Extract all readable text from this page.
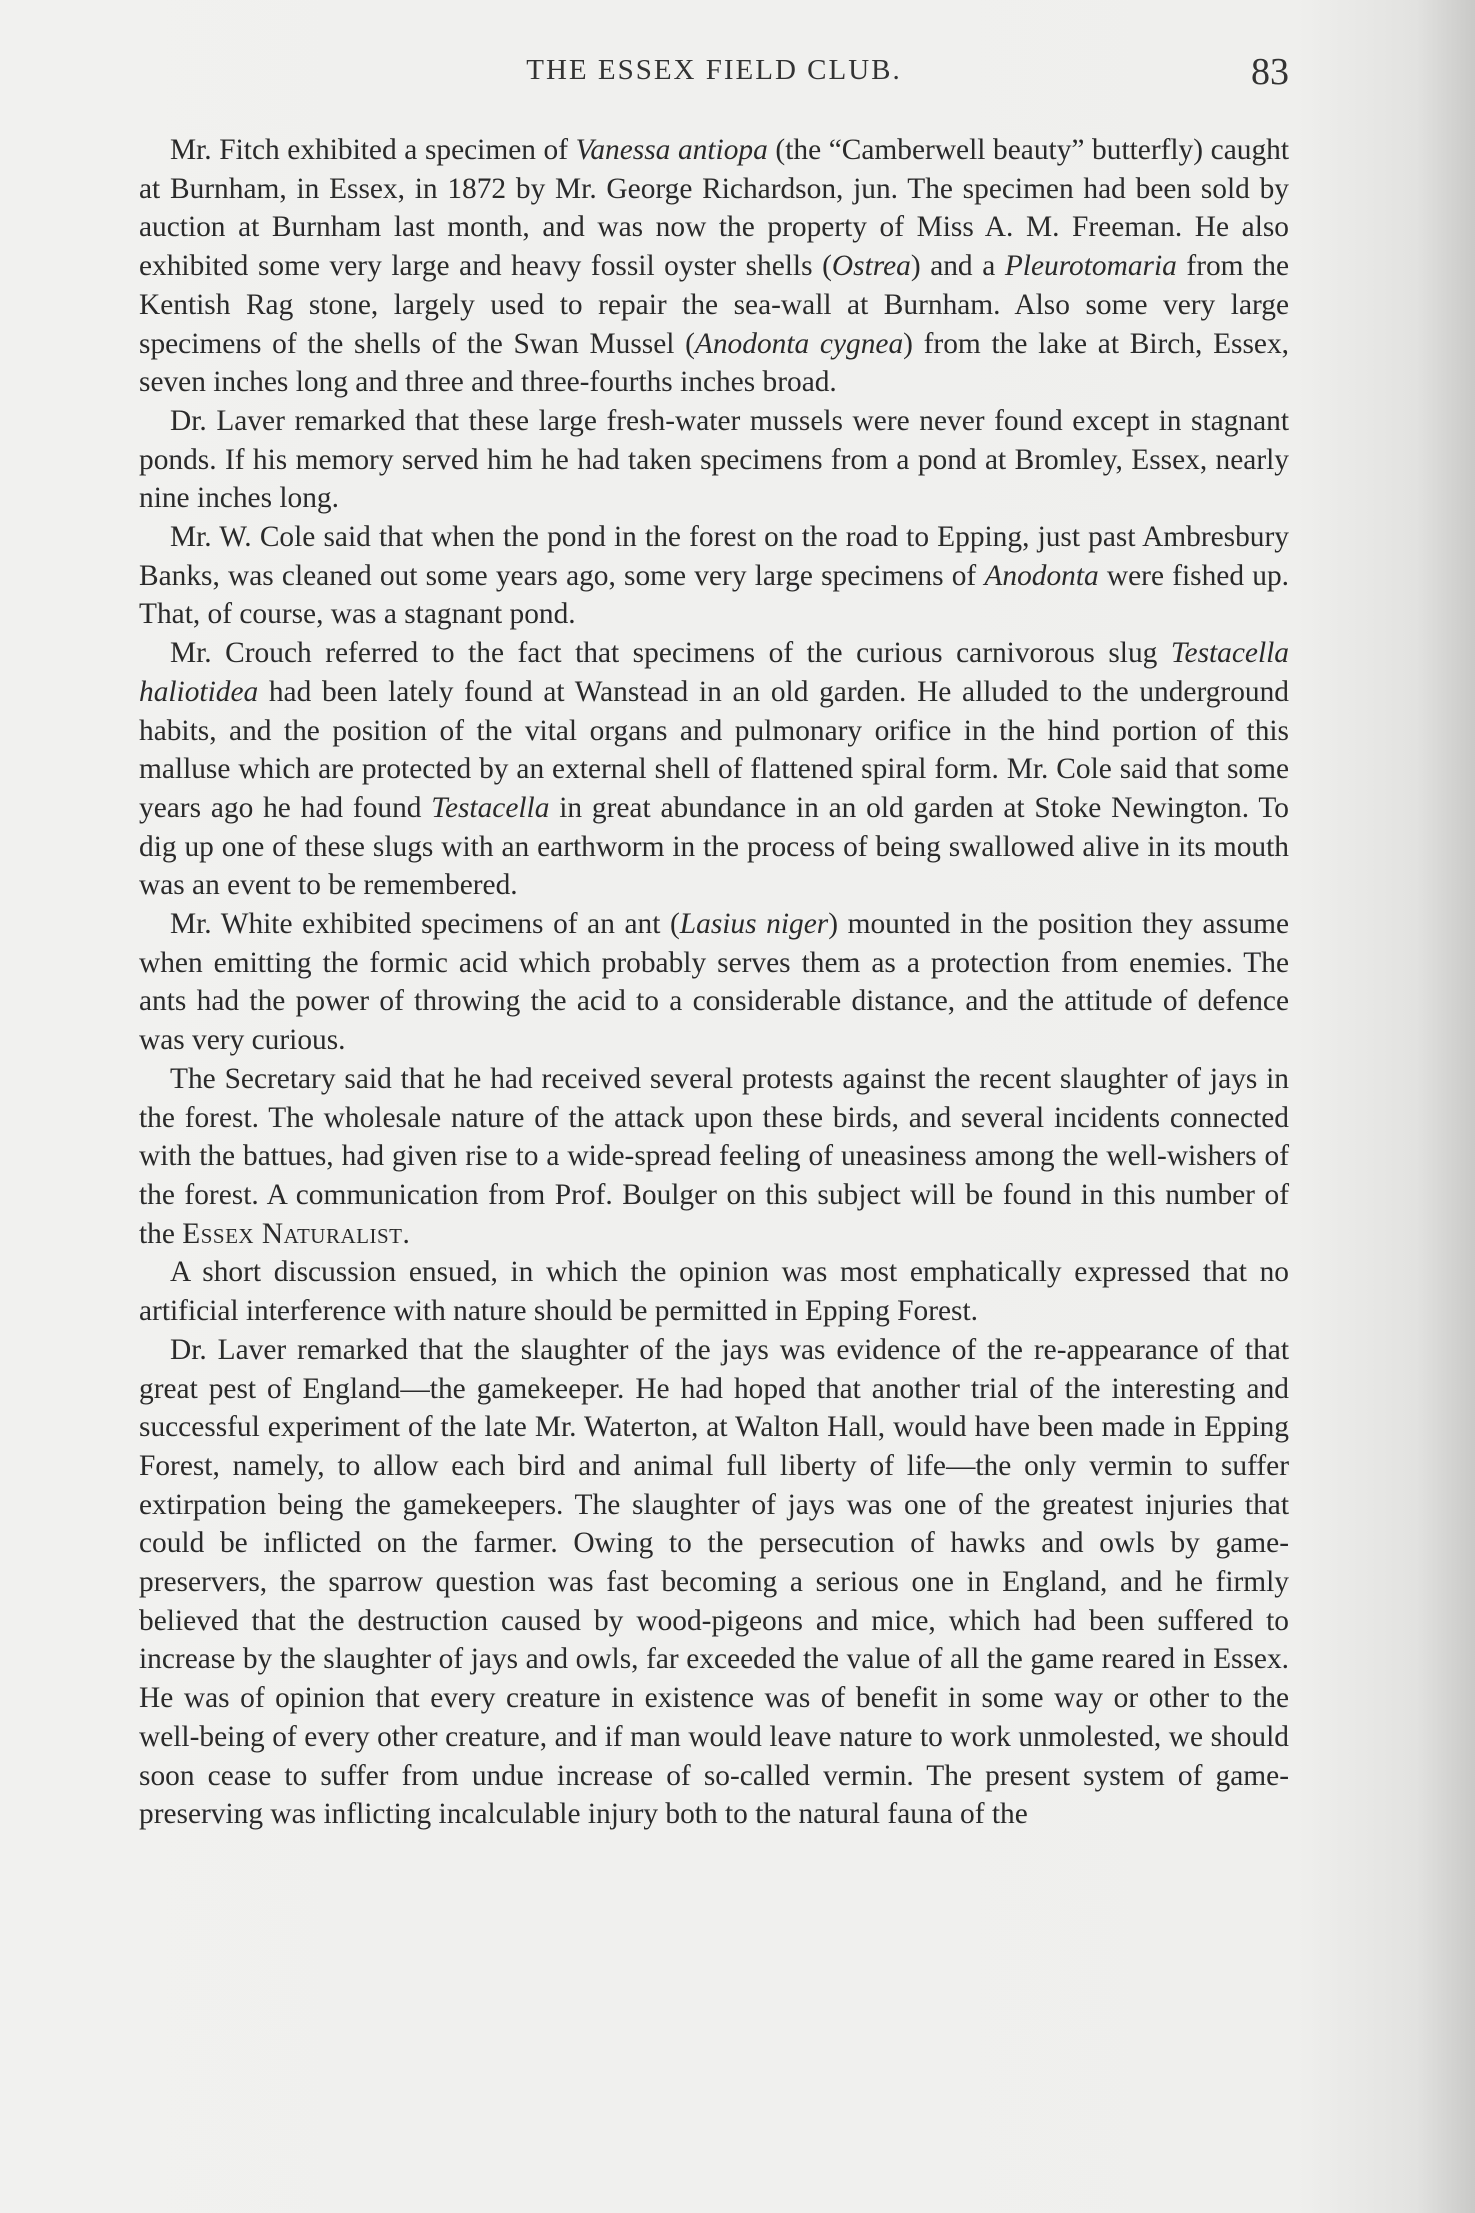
THE ESSEX FIELD CLUB.	83

Mr. Fitch exhibited a specimen of Vanessa antiopa (the “Camberwell beauty” butterfly) caught at Burnham, in Essex, in 1872 by Mr. George Richardson, jun. The specimen had been sold by auction at Burnham last month, and was now the property of Miss A. M. Freeman. He also exhibited some very large and heavy fossil oyster shells (Ostrea) and a Pleurotomaria from the Kentish Rag stone, largely used to repair the sea-wall at Burnham. Also some very large specimens of the shells of the Swan Mussel (Anodonta cygnea) from the lake at Birch, Essex, seven inches long and three and three-fourths inches broad.

Dr. Laver remarked that these large fresh-water mussels were never found except in stagnant ponds. If his memory served him he had taken specimens from a pond at Bromley, Essex, nearly nine inches long.

Mr. W. Cole said that when the pond in the forest on the road to Epping, just past Ambresbury Banks, was cleaned out some years ago, some very large specimens of Anodonta were fished up. That, of course, was a stagnant pond.

Mr. Crouch referred to the fact that specimens of the curious carnivorous slug Testacella haliotidea had been lately found at Wanstead in an old garden. He alluded to the underground habits, and the position of the vital organs and pulmonary orifice in the hind portion of this malluse which are protected by an external shell of flattened spiral form. Mr. Cole said that some years ago he had found Testacella in great abundance in an old garden at Stoke Newington. To dig up one of these slugs with an earthworm in the process of being swallowed alive in its mouth was an event to be remembered.

Mr. White exhibited specimens of an ant (Lasius niger) mounted in the position they assume when emitting the formic acid which probably serves them as a protection from enemies. The ants had the power of throwing the acid to a considerable distance, and the attitude of defence was very curious.

The Secretary said that he had received several protests against the recent slaughter of jays in the forest. The wholesale nature of the attack upon these birds, and several incidents connected with the battues, had given rise to a wide-spread feeling of uneasiness among the well-wishers of the forest. A communication from Prof. Boulger on this subject will be found in this number of the Essex Naturalist.

A short discussion ensued, in which the opinion was most emphatically expressed that no artificial interference with nature should be permitted in Epping Forest.

Dr. Laver remarked that the slaughter of the jays was evidence of the re-appearance of that great pest of England—the gamekeeper. He had hoped that another trial of the interesting and successful experiment of the late Mr. Waterton, at Walton Hall, would have been made in Epping Forest, namely, to allow each bird and animal full liberty of life—the only vermin to suffer extirpation being the gamekeepers. The slaughter of jays was one of the greatest injuries that could be inflicted on the farmer. Owing to the persecution of hawks and owls by game-preservers, the sparrow question was fast becoming a serious one in England, and he firmly believed that the destruction caused by wood-pigeons and mice, which had been suffered to increase by the slaughter of jays and owls, far exceeded the value of all the game reared in Essex. He was of opinion that every creature in existence was of benefit in some way or other to the well-being of every other creature, and if man would leave nature to work unmolested, we should soon cease to suffer from undue increase of so-called vermin. The present system of game-preserving was inflicting incalculable injury both to the natural fauna of the
